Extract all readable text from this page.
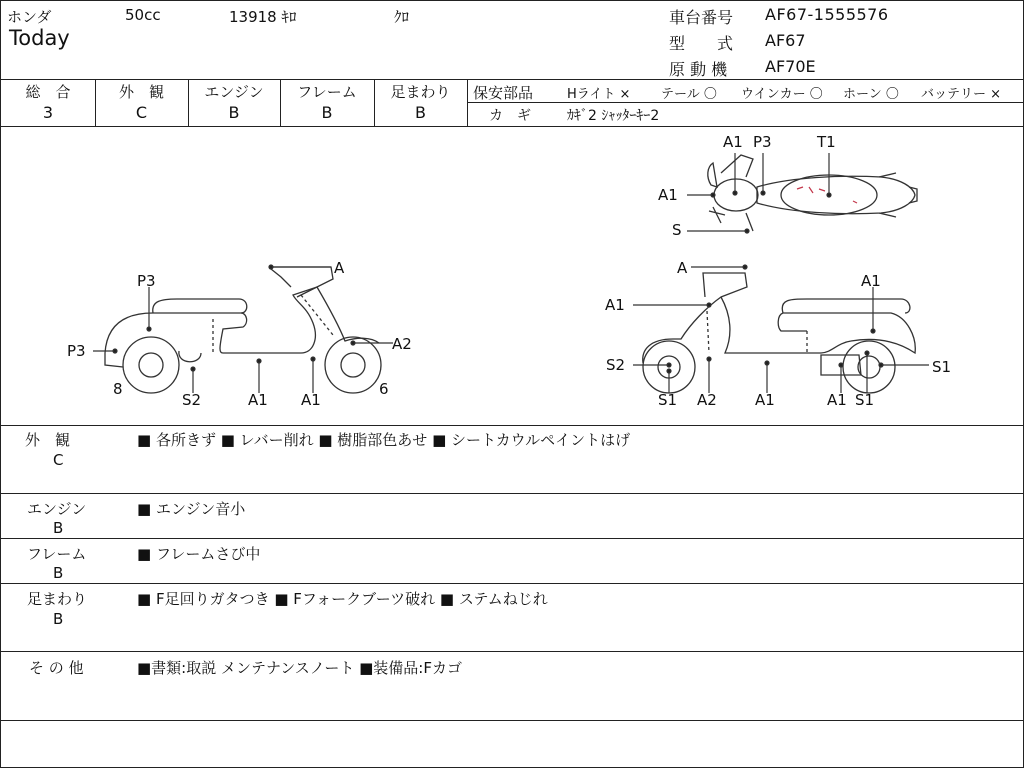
ホンダ	50cc	13918 ｷﾛ	ｸﾛ
Today
車台番号 AF67-1555576
型　　式 AF67
原 動 機 AF70E
総　合
3
外　観
C
エンジン
B
フレーム
B
足まわり
B
保安部品	Hライト × テール 〇 ウインカー 〇 ホーン 〇 バッテリー ×
カ　ギ	ｶｷﾞ2 ｼｬｯﾀｰｷｰ2
A1 P3	T1
A1
S
A
P3
P3	A2
8	6
S2	A1 A1
A
A1
A1
S2	S1
S1 A2	A1	A1 S1
外　観
C
■ 各所きず ■ レバー削れ ■ 樹脂部色あせ ■ シートカウルペイントはげ
エンジン
B
■ エンジン音小
フレーム
B
■ フレームさび中
足まわり
B
■ F足回りガタつき ■ Fフォークブーツ破れ ■ ステムねじれ
そ の 他	■書類:取説 メンテナンスノート ■装備品:Fカゴ
